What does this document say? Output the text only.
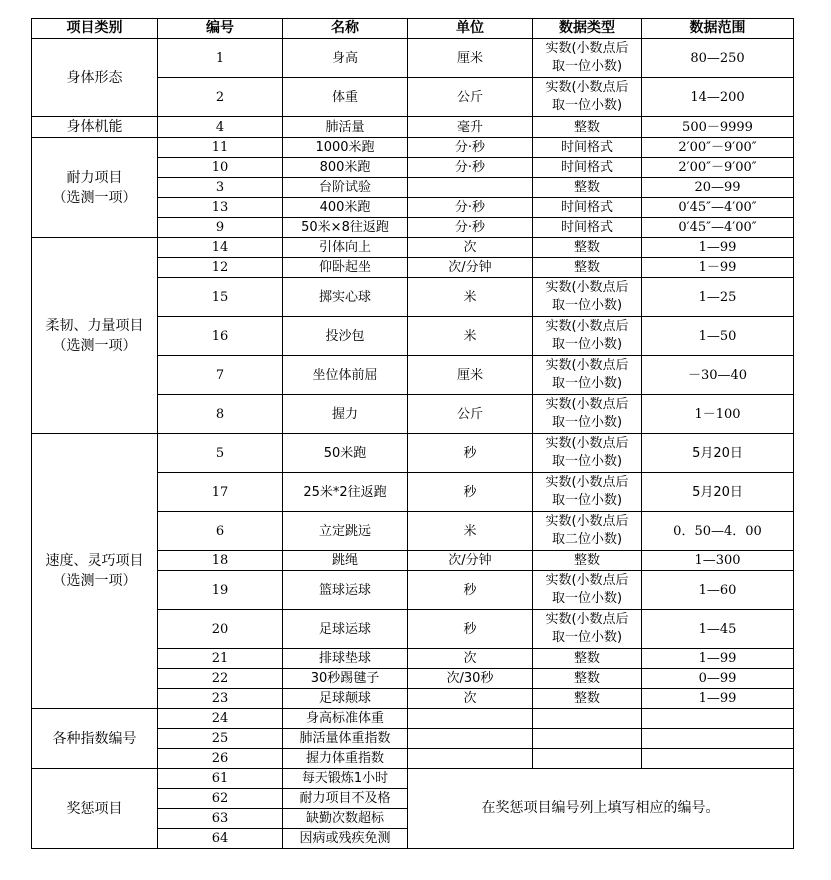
项目类别	编号	名称	单位	数据类型	数据范围
身体形态	1	身高	厘米	实数(小数点后
取一位小数)	80—250
	2	体重	公斤	实数(小数点后
取一位小数)	14—200
身体机能	4	肺活量	毫升	整数	500－9999
耐力项目
（选测一项）	11	1000米跑	分·秒	时间格式	2′00″－9′00″
	10	800米跑	分·秒	时间格式	2′00″－9′00″
	3	台阶试验		整数	20—99
	13	400米跑	分·秒	时间格式	0′45″—4′00″
	9	50米×8往返跑	分·秒	时间格式	0′45″—4′00″
柔韧、力量项目
（选测一项）	14	引体向上	次	整数	1—99
	12	仰卧起坐	次/分钟	整数	1－99
	15	掷实心球	米	实数(小数点后
取一位小数)	1—25
	16	投沙包	米	实数(小数点后
取一位小数)	1—50
	7	坐位体前屈	厘米	实数(小数点后
取一位小数)	－30—40
	8	握力	公斤	实数(小数点后
取一位小数)	1－100
速度、灵巧项目
（选测一项）	5	50米跑	秒	实数(小数点后
取一位小数)	5月20日
	17	25米*2往返跑	秒	实数(小数点后
取一位小数)	5月20日
	6	立定跳远	米	实数(小数点后
取二位小数)	0．50—4．00
	18	跳绳	次/分钟	整数	1—300
	19	篮球运球	秒	实数(小数点后
取一位小数)	1—60
	20	足球运球	秒	实数(小数点后
取一位小数)	1—45
	21	排球垫球	次	整数	1—99
	22	30秒踢毽子	次/30秒	整数	0—99
	23	足球颠球	次	整数	1—99
各种指数编号	24	身高标准体重			
	25	肺活量体重指数			
	26	握力体重指数			
奖惩项目	61	每天锻炼1小时	在奖惩项目编号列上填写相应的编号。		
	62	耐力项目不及格			
	63	缺勤次数超标			
	64	因病或残疾免测			
